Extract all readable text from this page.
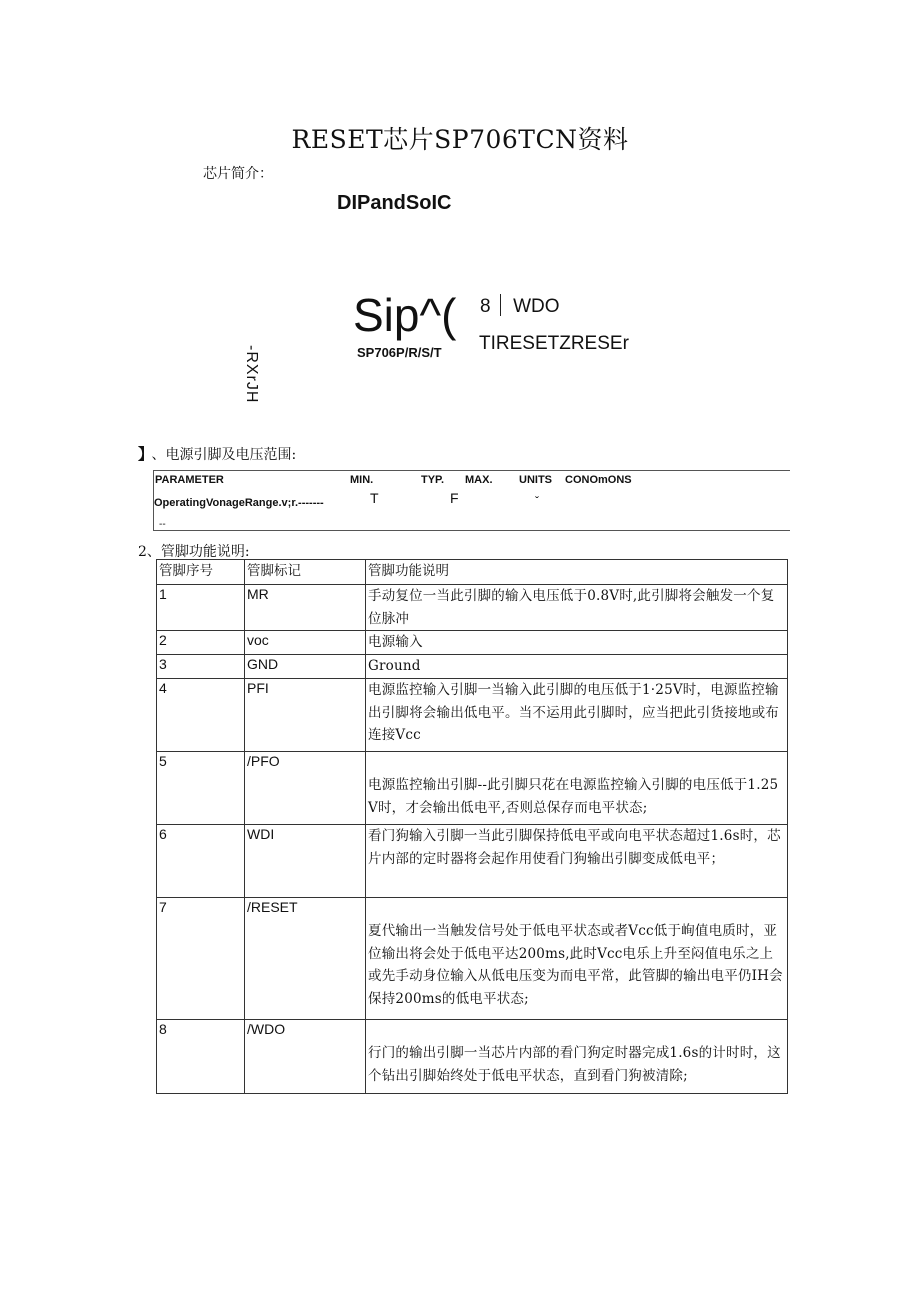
RESET芯片SP706TCN资料
芯片简介：
DIPandSoIC
-RXrJH
Sip^(
SP706P/R/S/T
8 WDO
TIRESETZRESEr
】 、电源引脚及电压范围:
PARAMETER	MIN.	TYP. MAX. UNITS CONOmONS
OperatingVonageRange.v;r.-------	T	F	ˇ
--
2、管脚功能说明:
管脚序号	管脚标记	管脚功能说明
1	MR	手动复位一当此引脚的输入电压低于0.8V时,此引脚将会触发一个复位脉冲
2	voc	电源输入
3	GND	Ground
4	PFI	电源监控输入引脚一当输入此引脚的电压低于1·25V时，电源监控输出引脚将会输出低电平。当不运用此引脚时，应当把此引货接地或布连接Vcc
5	/PFO	电源监控输出引脚--此引脚只花在电源监控输入引脚的电压低于1.25V时，才会输出低电平,否则总保存而电平状态;
6	WDI	看门狗输入引脚一当此引脚保持低电平或向电平状态超过1.6s时，芯片内部的定时器将会起作用使看门狗输出引脚变成低电平；
7	/RESET	夏代输出一当触发信号处于低电平状态或者Vcc低于峋值电质时，亚位输出将会处于低电平达200ms,此时Vcc电乐上升至闷值电乐之上或先手动身位输入从低电压变为而电平常，此管脚的输出电平仍IH会保持200ms的低电平状态;
8	/WDO	行门的输出引脚一当芯片内部的看门狗定时器完成1.6s的计时时，这个钻出引脚始终处于低电平状态，直到看门狗被清除;
